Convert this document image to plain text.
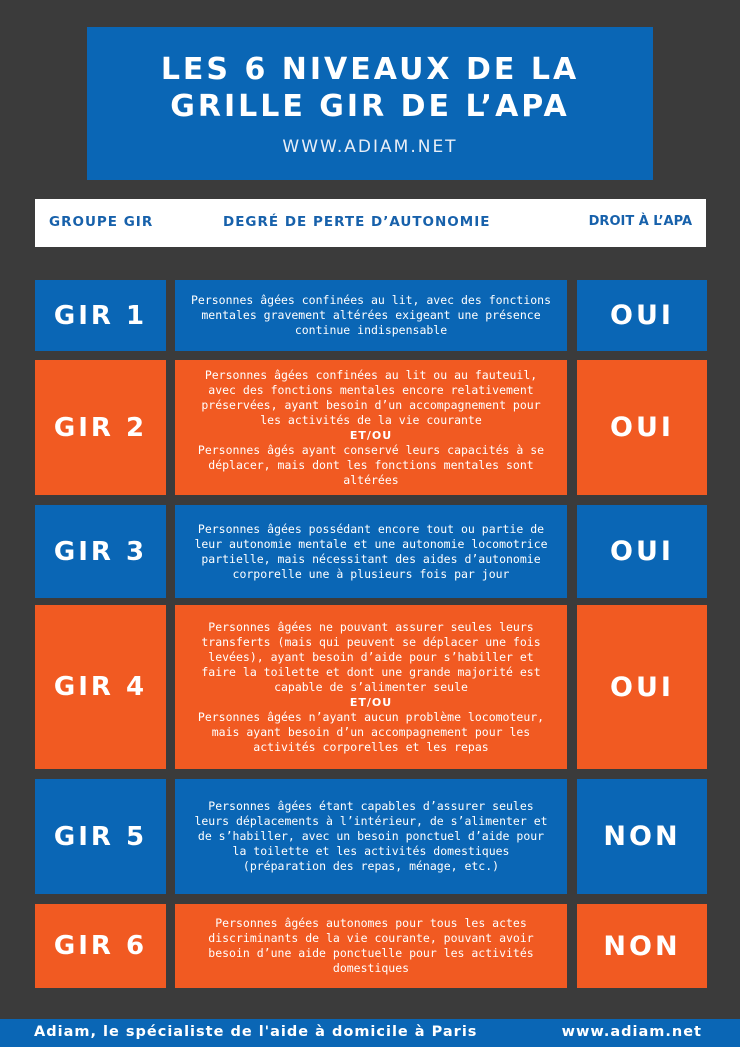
LES 6 NIVEAUX DE LA
GRILLE GIR DE L’APA
WWW.ADIAM.NET
GROUPE GIR	DEGRÉ DE PERTE D’AUTONOMIE	DROIT À L’APA
GIR 1
Personnes âgées confinées au lit, avec des fonctions mentales gravement altérées exigeant une présence continue indispensable	OUI
GIR 2
Personnes âgées confinées au lit ou au fauteuil, avec des fonctions mentales encore relativement préservées, ayant besoin d’un accompagnement pour les activités de la vie courante
ET/OU
Personnes âgés ayant conservé leurs capacités à se déplacer, mais dont les fonctions mentales sont altérées
OUI
GIR 3
Personnes âgées possédant encore tout ou partie de leur autonomie mentale et une autonomie locomotrice partielle, mais nécessitant des aides d’autonomie corporelle une à plusieurs fois par jour
OUI
GIR 4
Personnes âgées ne pouvant assurer seules leurs transferts (mais qui peuvent se déplacer une fois levées), ayant besoin d’aide pour s’habiller et faire la toilette et dont une grande majorité est capable de s’alimenter seule
ET/OU
Personnes âgées n’ayant aucun problème locomoteur, mais ayant besoin d’un accompagnement pour les activités corporelles et les repas
OUI
GIR 5
Personnes âgées étant capables d’assurer seules leurs déplacements à l’intérieur, de s’alimenter et de s’habiller, avec un besoin ponctuel d’aide pour la toilette et les activités domestiques (préparation des repas, ménage, etc.)
NON
GIR 6
Personnes âgées autonomes pour tous les actes discriminants de la vie courante, pouvant avoir besoin d’une aide ponctuelle pour les activités domestiques
NON
Adiam, le spécialiste de l'aide à domicile à Paris	www.adiam.net
